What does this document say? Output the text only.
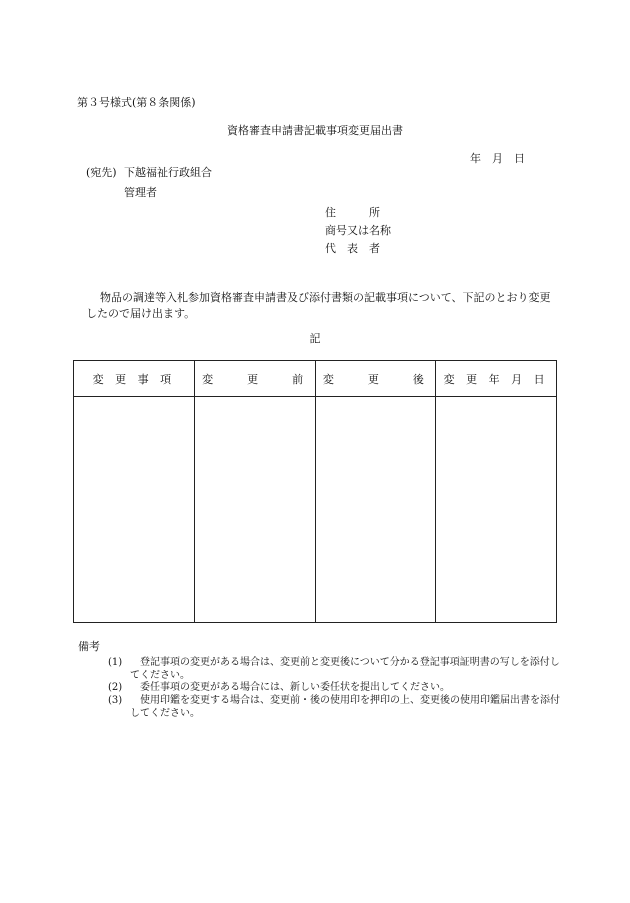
第３号様式(第８条関係)
資格審査申請書記載事項変更届出書
年　月　日
(宛先) 下越福祉行政組合
管理者
住　　　所
商号又は名称
代　表　者
物品の調達等入札参加資格審査申請書及び添付書類の記載事項について、下記のとおり変更したので届け出ます。
記
変 更 事 項	変　　更　　前	変　　更　　後	変 更 年 月 日

備考
(1) 　登記事項の変更がある場合は、変更前と変更後について分かる登記事項証明書の写しを添付してください。
(2) 　委任事項の変更がある場合には、新しい委任状を提出してください。
(3) 　使用印鑑を変更する場合は、変更前・後の使用印を押印の上、変更後の使用印鑑届出書を添付してください。
